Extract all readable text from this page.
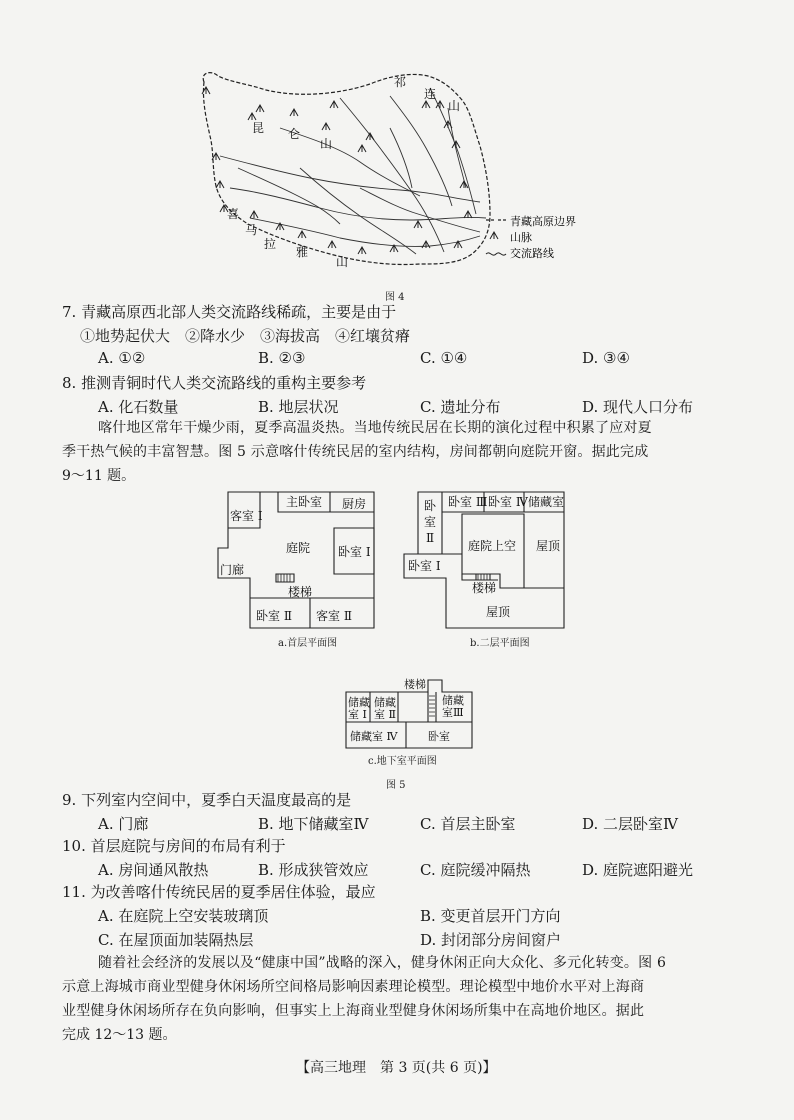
昆 仑
山
祁
连
山
喜
马
拉
雅
山
青藏高原边界
山脉
交流路线
图 4
7. 青藏高原西北部人类交流路线稀疏，主要是由于
①地势起伏大　②降水少　③海拔高　④红壤贫瘠
A. ①②	B. ②③	C. ①④	D. ③④
8. 推测青铜时代人类交流路线的重构主要参考
A. 化石数量	B. 地层状况	C. 遗址分布	D. 现代人口分布
喀什地区常年干燥少雨，夏季高温炎热。当地传统民居在长期的演化过程中积累了应对夏
季干热气候的丰富智慧。图 5 示意喀什传统民居的室内结构，房间都朝向庭院开窗。据此完成
9～11 题。
客室 Ⅰ
主卧室 厨房
庭院 卧室 Ⅰ
门廊
楼梯
卧室 Ⅱ 客室 Ⅱ
a.首层平面图
卧
室
Ⅱ
卧室 Ⅲ 卧室 Ⅳ 储藏室
庭院上空 屋顶
卧室 Ⅰ
楼梯
屋顶
b.二层平面图
楼梯
储藏
室 Ⅰ
储藏
室 Ⅱ
储藏
室Ⅲ
储藏室 Ⅳ	卧室
c.地下室平面图
图 5
9. 下列室内空间中，夏季白天温度最高的是
A. 门廊	B. 地下储藏室Ⅳ	C. 首层主卧室	D. 二层卧室Ⅳ
10. 首层庭院与房间的布局有利于
A. 房间通风散热	B. 形成狭管效应	C. 庭院缓冲隔热	D. 庭院遮阳避光
11. 为改善喀什传统民居的夏季居住体验，最应
A. 在庭院上空安装玻璃顶	B. 变更首层开门方向
C. 在屋顶面加装隔热层	D. 封闭部分房间窗户
随着社会经济的发展以及“健康中国”战略的深入，健身休闲正向大众化、多元化转变。图 6
示意上海城市商业型健身休闲场所空间格局影响因素理论模型。理论模型中地价水平对上海商
业型健身休闲场所存在负向影响，但事实上上海商业型健身休闲场所集中在高地价地区。据此
完成 12～13 题。
【高三地理　第 3 页(共 6 页)】
